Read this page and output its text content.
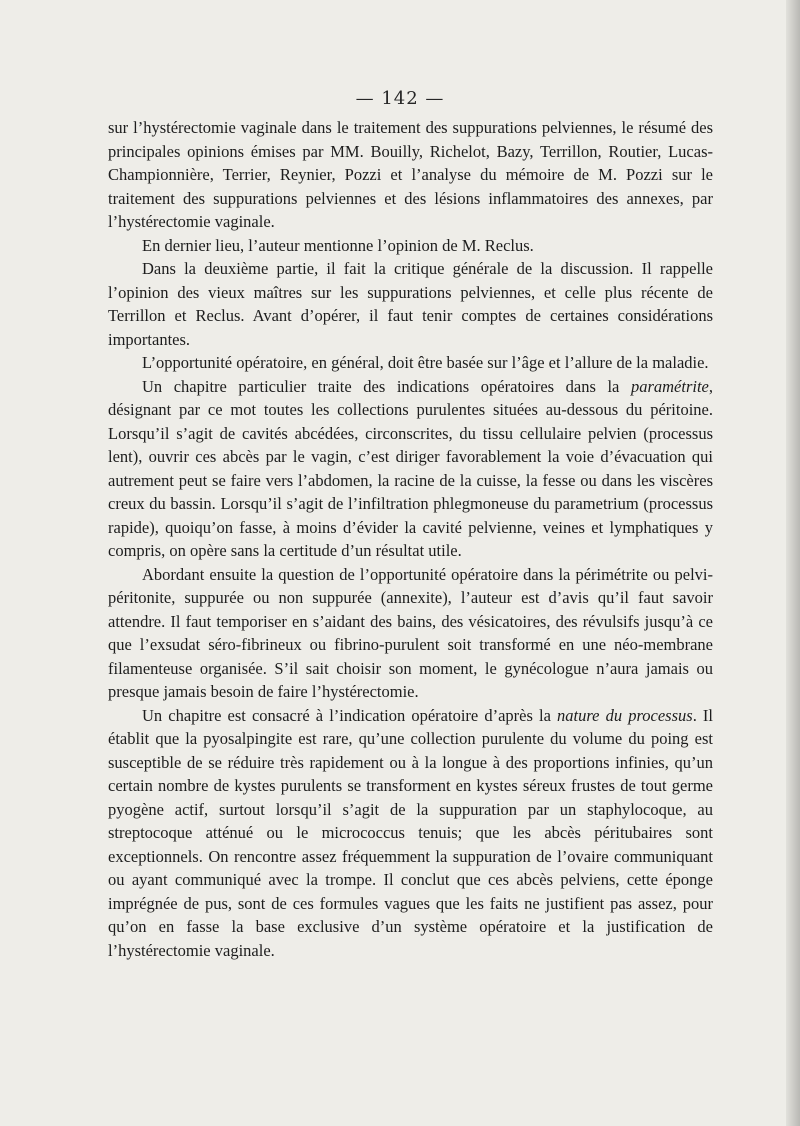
— 142 —

sur l’hystérectomie vaginale dans le traitement des suppurations pelviennes, le résumé des principales opinions émises par MM. Bouilly, Richelot, Bazy, Terrillon, Routier, Lucas-Championnière, Terrier, Reynier, Pozzi et l’analyse du mémoire de M. Pozzi sur le traitement des suppurations pelviennes et des lésions inflammatoires des annexes, par l’hystérectomie vaginale.

En dernier lieu, l’auteur mentionne l’opinion de M. Reclus.

Dans la deuxième partie, il fait la critique générale de la discussion. Il rappelle l’opinion des vieux maîtres sur les suppurations pelviennes, et celle plus récente de Terrillon et Reclus. Avant d’opérer, il faut tenir comptes de certaines considérations importantes.

L’opportunité opératoire, en général, doit être basée sur l’âge et l’allure de la maladie.

Un chapitre particulier traite des indications opératoires dans la paramétrite, désignant par ce mot toutes les collections purulentes situées au-dessous du péritoine. Lorsqu’il s’agit de cavités abcédées, circonscrites, du tissu cellulaire pelvien (processus lent), ouvrir ces abcès par le vagin, c’est diriger favorablement la voie d’évacuation qui autrement peut se faire vers l’abdomen, la racine de la cuisse, la fesse ou dans les viscères creux du bassin. Lorsqu’il s’agit de l’infiltration phlegmoneuse du parametrium (processus rapide), quoiqu’on fasse, à moins d’évider la cavité pelvienne, veines et lymphatiques y compris, on opère sans la certitude d’un résultat utile.

Abordant ensuite la question de l’opportunité opératoire dans la périmétrite ou pelvi-péritonite, suppurée ou non suppurée (annexite), l’auteur est d’avis qu’il faut savoir attendre. Il faut temporiser en s’aidant des bains, des vésicatoires, des révulsifs jusqu’à ce que l’exsudat séro-fibrineux ou fibrino-purulent soit transformé en une néo-membrane filamenteuse organisée. S’il sait choisir son moment, le gynécologue n’aura jamais ou presque jamais besoin de faire l’hystérectomie.

Un chapitre est consacré à l’indication opératoire d’après la nature du processus. Il établit que la pyosalpingite est rare, qu’une collection purulente du volume du poing est susceptible de se réduire très rapidement ou à la longue à des proportions infinies, qu’un certain nombre de kystes purulents se transforment en kystes séreux frustes de tout germe pyogène actif, surtout lorsqu’il s’agit de la suppuration par un staphylocoque, au streptocoque atténué ou le micrococcus tenuis; que les abcès péritubaires sont exceptionnels. On rencontre assez fréquemment la suppuration de l’ovaire communiquant ou ayant communiqué avec la trompe. Il conclut que ces abcès pelviens, cette éponge imprégnée de pus, sont de ces formules vagues que les faits ne justifient pas assez, pour qu’on en fasse la base exclusive d’un système opératoire et la justification de l’hystérectomie vaginale.
